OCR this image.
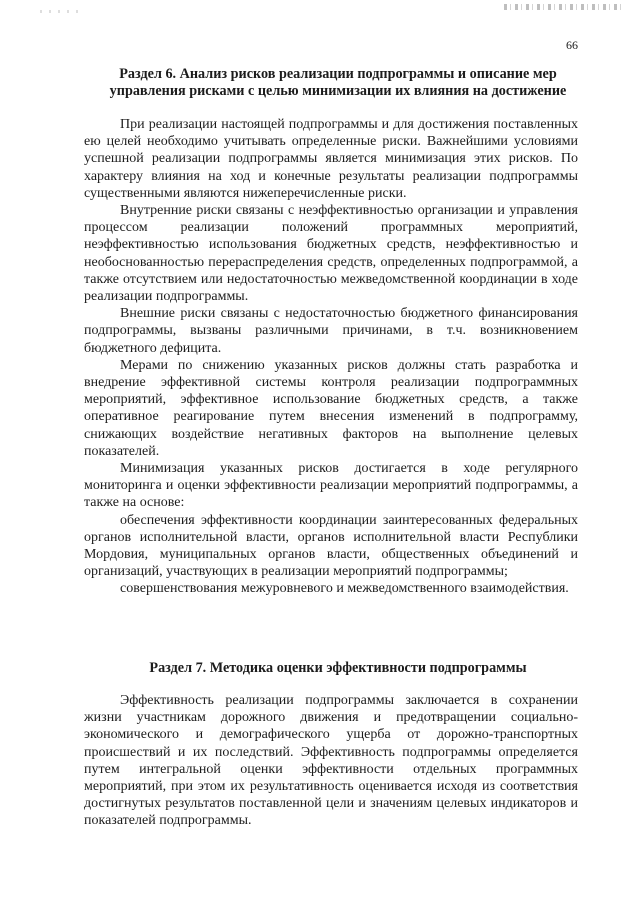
66
Раздел 6. Анализ рисков реализации подпрограммы и описание мер
управления рисками с целью минимизации их влияния на достижение

При реализации настоящей подпрограммы и для достижения поставленных ею целей необходимо учитывать определенные риски. Важнейшими условиями успешной реализации подпрограммы является минимизация этих рисков. По характеру влияния на ход и конечные результаты реализации подпрограммы существенными являются нижеперечисленные риски.

Внутренние риски связаны с неэффективностью организации и управления процессом реализации положений программных мероприятий, неэффективностью использования бюджетных средств, неэффективностью и необоснованностью перераспределения средств, определенных подпрограммой, а также отсутствием или недостаточностью межведомственной координации в ходе реализации подпрограммы.

Внешние риски связаны с недостаточностью бюджетного финансирования подпрограммы, вызваны различными причинами, в т.ч. возникновением бюджетного дефицита.

Мерами по снижению указанных рисков должны стать разработка и внедрение эффективной системы контроля реализации подпрограммных мероприятий, эффективное использование бюджетных средств, а также оперативное реагирование путем внесения изменений в подпрограмму, снижающих воздействие негативных факторов на выполнение целевых показателей.

Минимизация указанных рисков достигается в ходе регулярного мониторинга и оценки эффективности реализации мероприятий подпрограммы, а также на основе:

обеспечения эффективности координации заинтересованных федеральных органов исполнительной власти, органов исполнительной власти Республики Мордовия, муниципальных органов власти, общественных объединений и организаций, участвующих в реализации мероприятий подпрограммы;

совершенствования межуровневого и межведомственного взаимодействия.

Раздел 7. Методика оценки эффективности подпрограммы

Эффективность реализации подпрограммы заключается в сохранении жизни участникам дорожного движения и предотвращении социально-экономического и демографического ущерба от дорожно-транспортных происшествий и их последствий. Эффективность подпрограммы определяется путем интегральной оценки эффективности отдельных программных мероприятий, при этом их результативность оценивается исходя из соответствия достигнутых результатов поставленной цели и значениям целевых индикаторов и показателей подпрограммы.
